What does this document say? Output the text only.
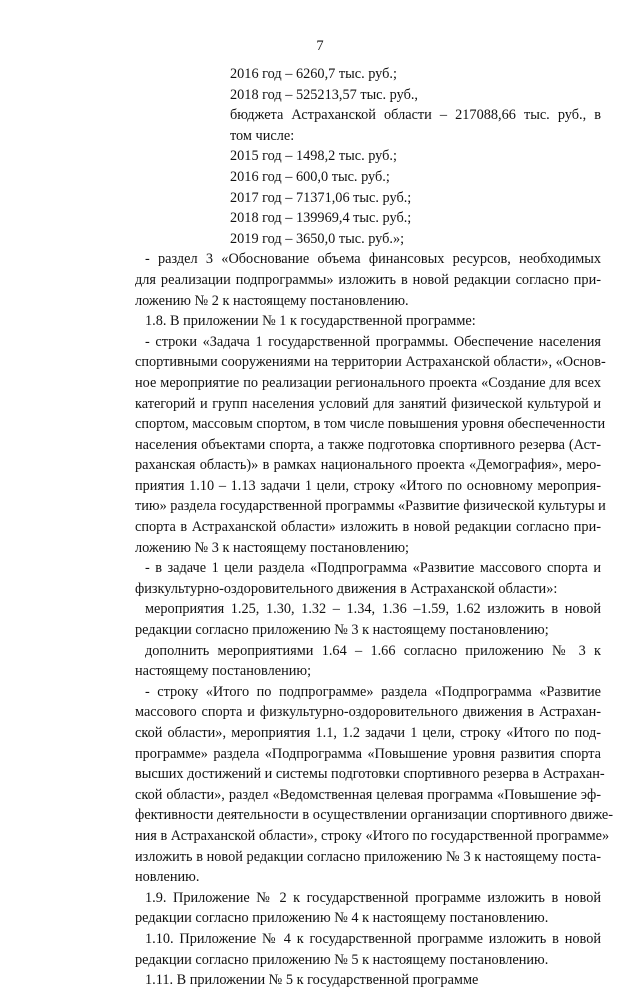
7
2016 год – 6260,7 тыс. руб.;
2018 год – 525213,57 тыс. руб.,
бюджета Астраханской области – 217088,66 тыс. руб., в
том числе:
2015 год – 1498,2 тыс. руб.;
2016 год – 600,0 тыс. руб.;
2017 год – 71371,06 тыс. руб.;
2018 год – 139969,4 тыс. руб.;
2019 год – 3650,0 тыс. руб.»;
- раздел 3 «Обоснование объема финансовых ресурсов, необходимых
для реализации подпрограммы» изложить в новой редакции согласно при-
ложению № 2 к настоящему постановлению.
1.8. В приложении № 1 к государственной программе:
- строки «Задача 1 государственной программы. Обеспечение населения
спортивными сооружениями на территории Астраханской области», «Основ-
ное мероприятие по реализации регионального проекта «Создание для всех
категорий и групп населения условий для занятий физической культурой и
спортом, массовым спортом, в том числе повышения уровня обеспеченности
населения объектами спорта, а также подготовка спортивного резерва (Аст-
раханская область)» в рамках национального проекта «Демография», меро-
приятия 1.10 – 1.13 задачи 1 цели, строку «Итого по основному мероприя-
тию» раздела государственной программы «Развитие физической культуры и
спорта в Астраханской области» изложить в новой редакции согласно при-
ложению № 3 к настоящему постановлению;
- в задаче 1 цели раздела «Подпрограмма «Развитие массового спорта и
физкультурно-оздоровительного движения в Астраханской области»:
мероприятия 1.25, 1.30, 1.32 – 1.34, 1.36 –1.59, 1.62 изложить в новой
редакции согласно приложению № 3 к настоящему постановлению;
дополнить мероприятиями 1.64 – 1.66 согласно приложению № 3 к
настоящему постановлению;
- строку «Итого по подпрограмме» раздела «Подпрограмма «Развитие
массового спорта и физкультурно-оздоровительного движения в Астрахан-
ской области», мероприятия 1.1, 1.2 задачи 1 цели, строку «Итого по под-
программе» раздела «Подпрограмма «Повышение уровня развития спорта
высших достижений и системы подготовки спортивного резерва в Астрахан-
ской области», раздел «Ведомственная целевая программа «Повышение эф-
фективности деятельности в осуществлении организации спортивного движе-
ния в Астраханской области», строку «Итого по государственной программе»
изложить в новой редакции согласно приложению № 3 к настоящему поста-
новлению.
1.9. Приложение № 2 к государственной программе изложить в новой
редакции согласно приложению № 4 к настоящему постановлению.
1.10. Приложение № 4 к государственной программе изложить в новой
редакции согласно приложению № 5 к настоящему постановлению.
1.11. В приложении № 5 к государственной программе
